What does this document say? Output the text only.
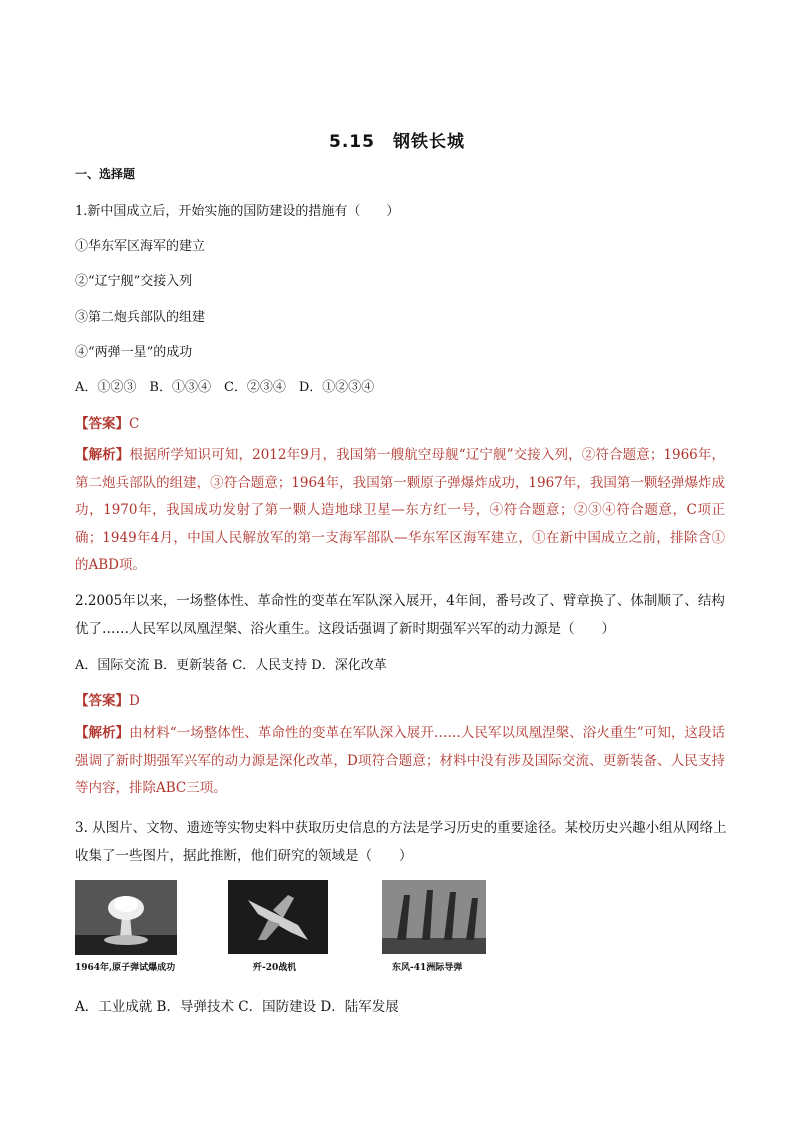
5.15　钢铁长城
一、选择题
1.新中国成立后，开始实施的国防建设的措施有（　　）
①华东军区海军的建立
②“辽宁舰”交接入列
③第二炮兵部队的组建
④“两弹一星”的成功
A．①②③　B．①③④　C．②③④　D．①②③④
【答案】C
【解析】根据所学知识可知，2012年9月，我国第一艘航空母舰“辽宁舰”交接入列，②符合题意；1966年，第二炮兵部队的组建，③符合题意；1964年，我国第一颗原子弹爆炸成功，1967年，我国第一颗轻弹爆炸成功，1970年，我国成功发射了第一颗人造地球卫星—东方红一号，④符合题意；②③④符合题意，C项正确；1949年4月，中国人民解放军的第一支海军部队—华东军区海军建立，①在新中国成立之前，排除含①的ABD项。
2.2005年以来，一场整体性、革命性的变革在军队深入展开，4年间，番号改了、臂章换了、体制顺了、结构优了……人民军以凤凰涅槃、浴火重生。这段话强调了新时期强军兴军的动力源是（　　）
A．国际交流 B．更新装备 C．人民支持 D．深化改革
【答案】D
【解析】由材料“一场整体性、革命性的变革在军队深入展开……人民军以凤凰涅槃、浴火重生”可知，这段话强调了新时期强军兴军的动力源是深化改革，D项符合题意；材料中没有涉及国际交流、更新装备、人民支持等内容，排除ABC三项。
3. 从图片、文物、遗迹等实物史料中获取历史信息的方法是学习历史的重要途径。某校历史兴趣小组从网络上收集了一些图片，据此推断，他们研究的领域是（　　）
1964年,原子弹试爆成功	歼-20战机	东风-41洲际导弹
A．工业成就 B．导弹技术 C．国防建设 D．陆军发展
